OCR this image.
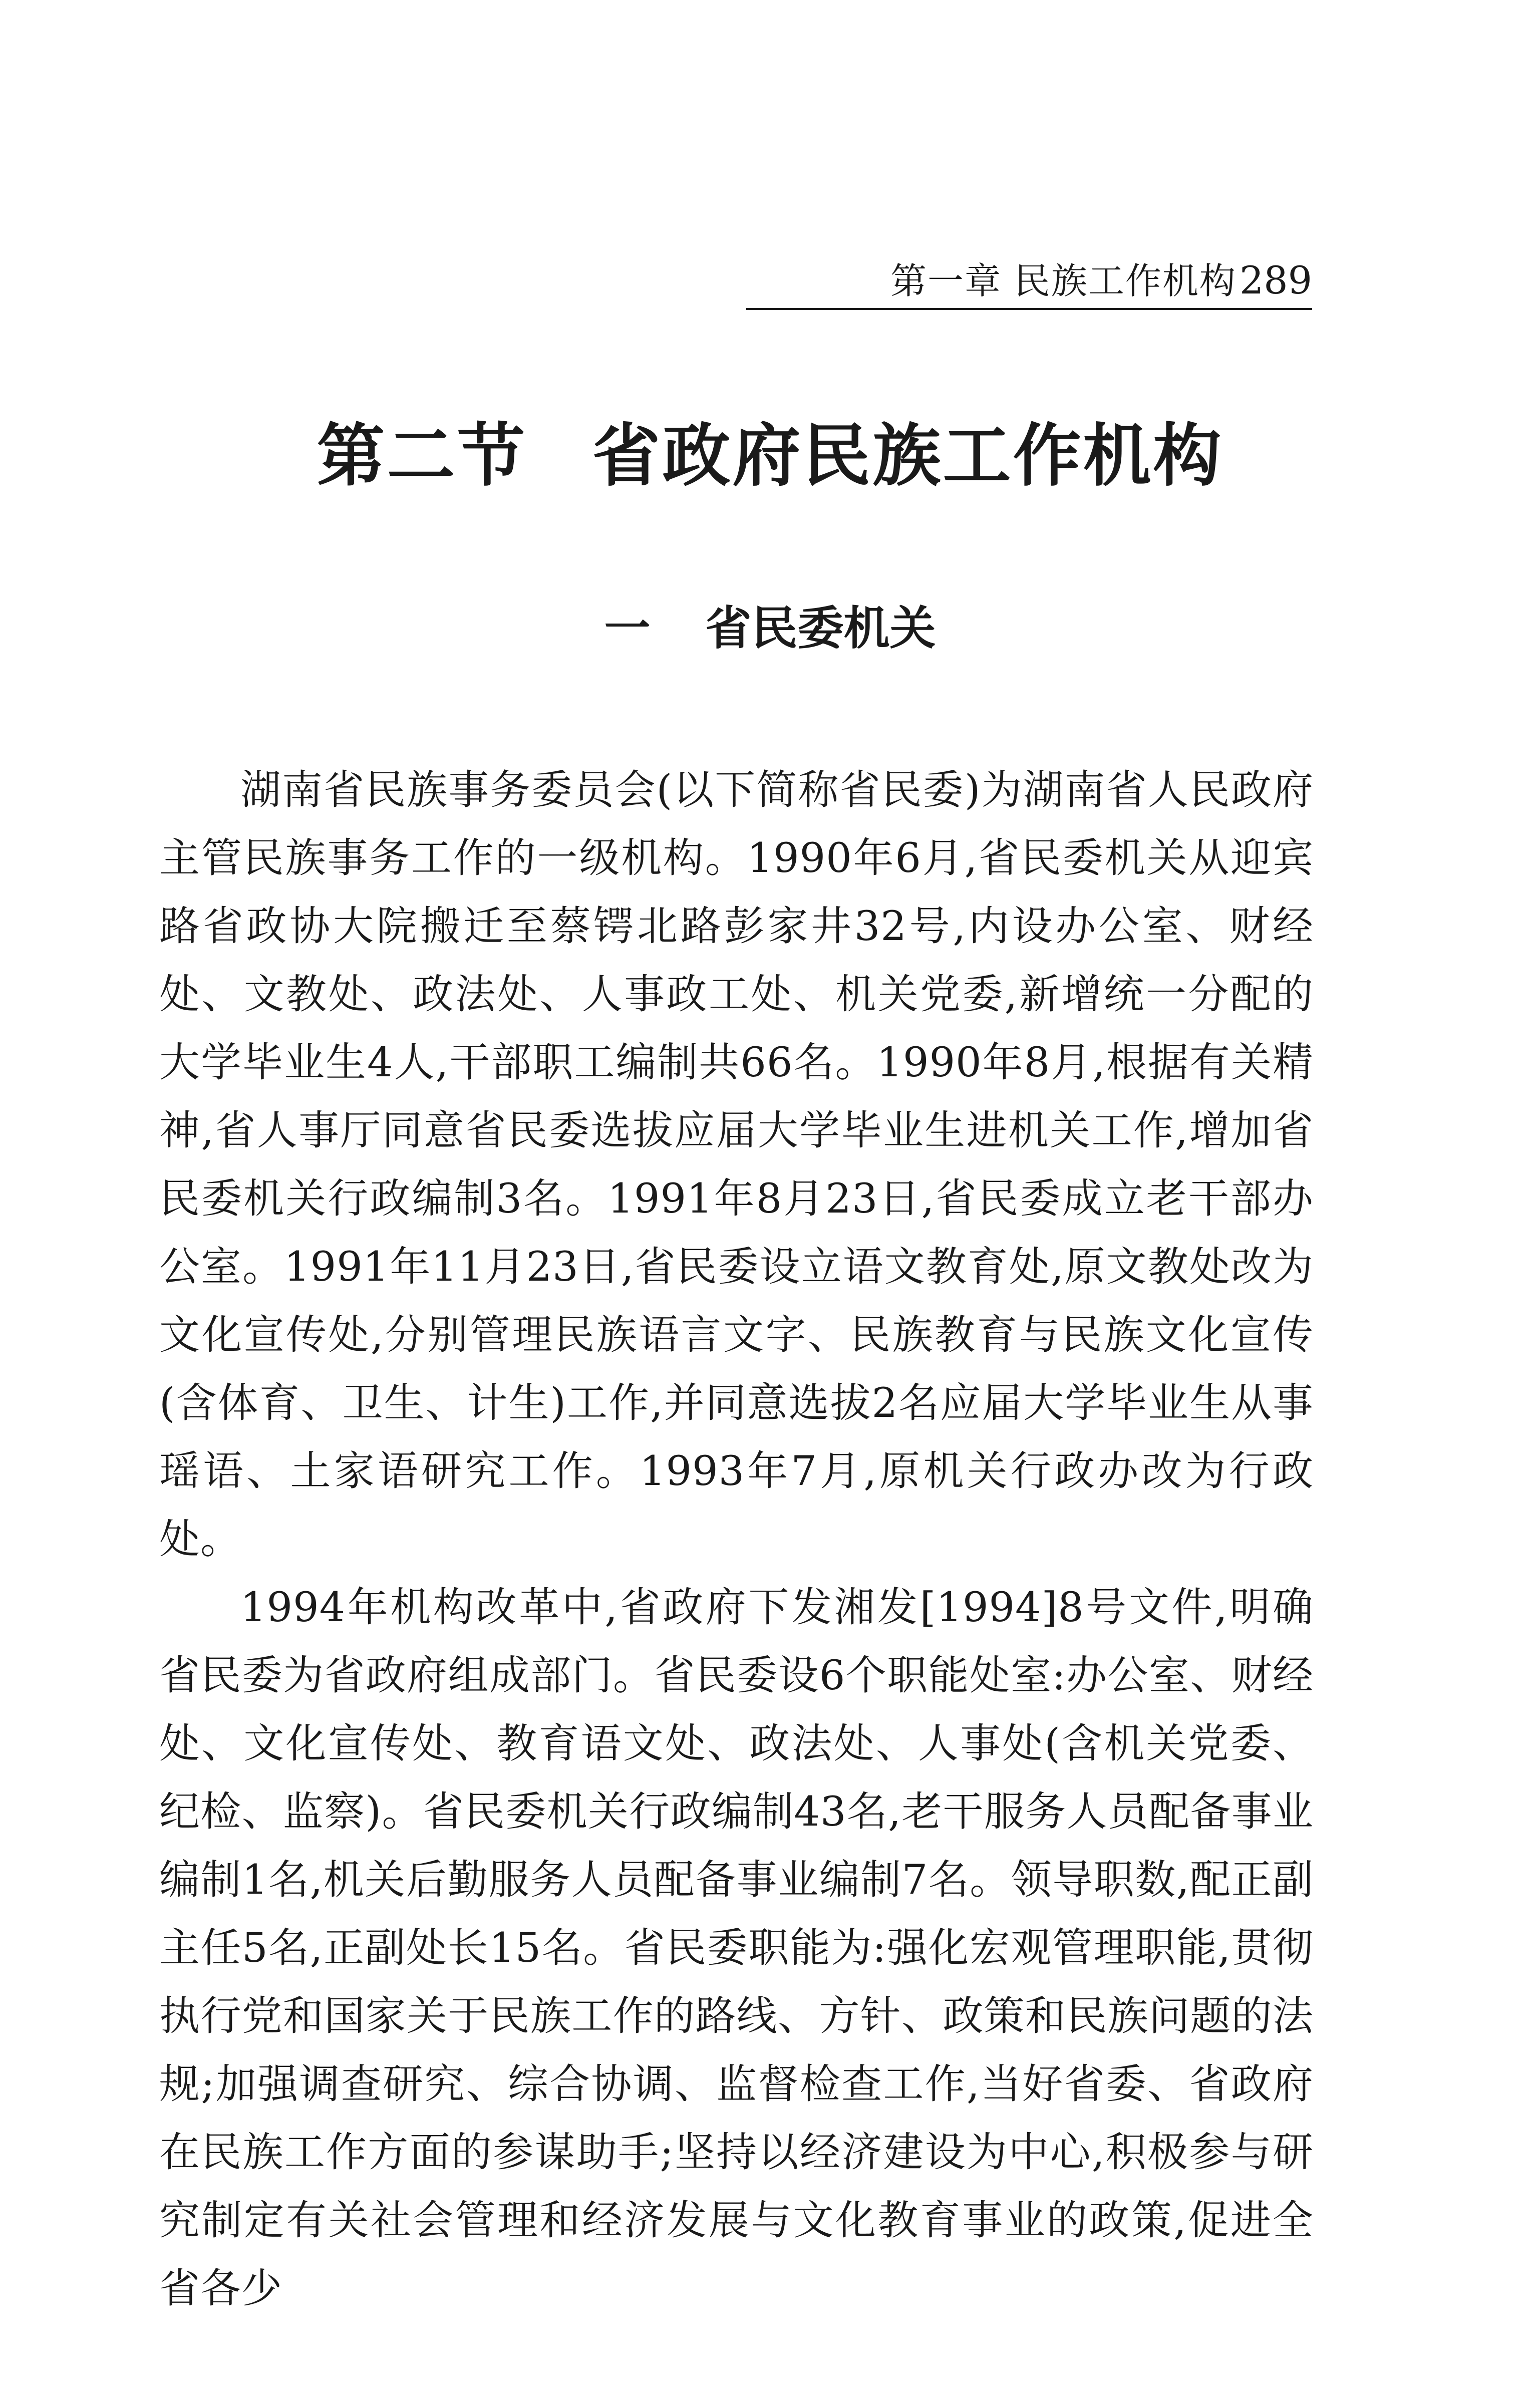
第一章 民族工作机构289
第二节 省政府民族工作机构
一 省民委机关

湖南省民族事务委员会(以下简称省民委)为湖南省人民政府主管民族事务工作的一级机构。1990年6月,省民委机关从迎宾路省政协大院搬迁至蔡锷北路彭家井32号,内设办公室、财经处、文教处、政法处、人事政工处、机关党委,新增统一分配的大学毕业生4人,干部职工编制共66名。1990年8月,根据有关精神,省人事厅同意省民委选拔应届大学毕业生进机关工作,增加省民委机关行政编制3名。1991年8月23日,省民委成立老干部办公室。1991年11月23日,省民委设立语文教育处,原文教处改为文化宣传处,分别管理民族语言文字、民族教育与民族文化宣传(含体育、卫生、计生)工作,并同意选拔2名应届大学毕业生从事瑶语、土家语研究工作。1993年7月,原机关行政办改为行政处。

1994年机构改革中,省政府下发湘发[1994]8号文件,明确省民委为省政府组成部门。省民委设6个职能处室:办公室、财经处、文化宣传处、教育语文处、政法处、人事处(含机关党委、纪检、监察)。省民委机关行政编制43名,老干服务人员配备事业编制1名,机关后勤服务人员配备事业编制7名。领导职数,配正副主任5名,正副处长15名。省民委职能为:强化宏观管理职能,贯彻执行党和国家关于民族工作的路线、方针、政策和民族问题的法规;加强调查研究、综合协调、监督检查工作,当好省委、省政府在民族工作方面的参谋助手;坚持以经济建设为中心,积极参与研究制定有关社会管理和经济发展与文化教育事业的政策,促进全省各少
